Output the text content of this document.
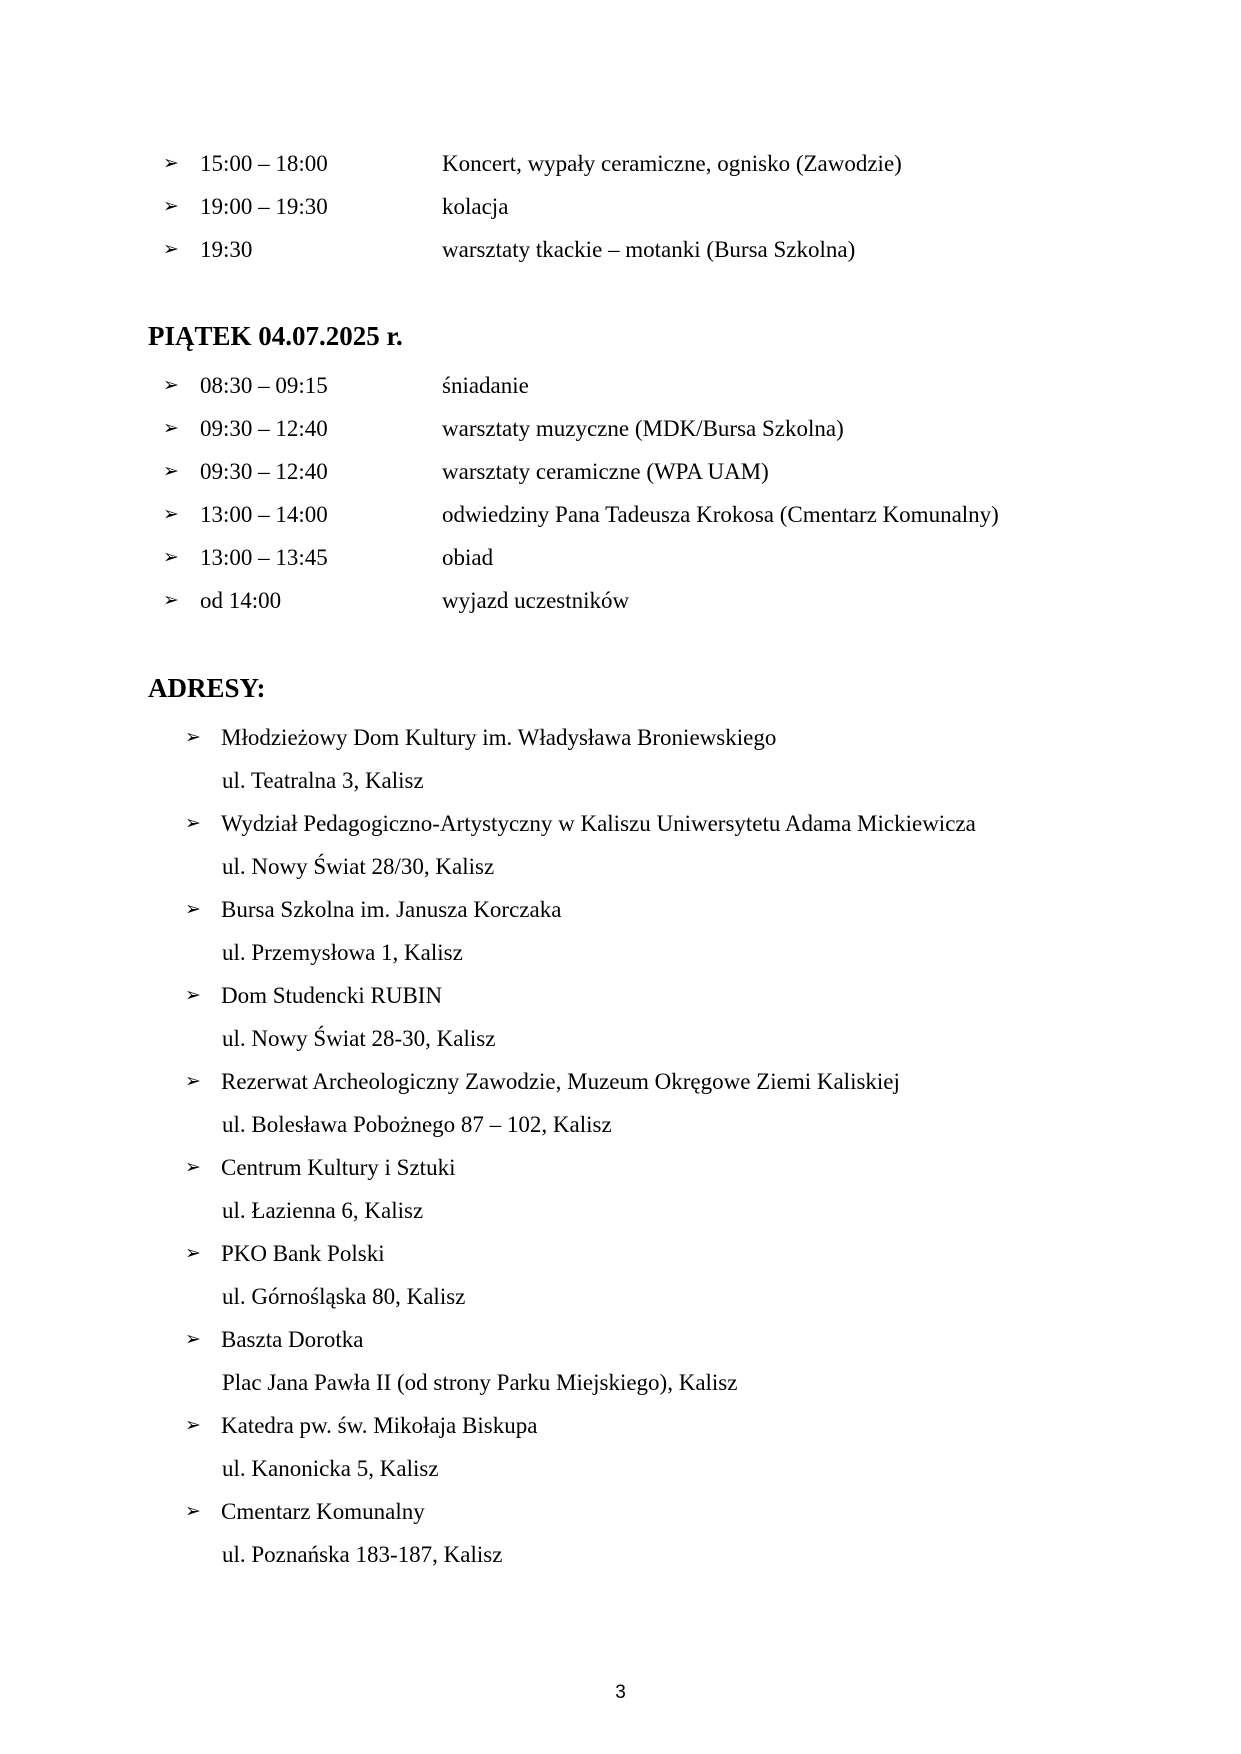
➢ 15:00 – 18:00	Koncert, wypały ceramiczne, ognisko (Zawodzie)
➢ 19:00 – 19:30	kolacja
➢ 19:30	warsztaty tkackie – motanki (Bursa Szkolna)
PIĄTEK 04.07.2025 r.
➢ 08:30 – 09:15	śniadanie
➢ 09:30 – 12:40	warsztaty muzyczne (MDK/Bursa Szkolna)
➢ 09:30 – 12:40	warsztaty ceramiczne (WPA UAM)
➢ 13:00 – 14:00	odwiedziny Pana Tadeusza Krokosa (Cmentarz Komunalny)
➢ 13:00 – 13:45	obiad
➢ od 14:00	wyjazd uczestników
ADRESY:
➢ Młodzieżowy Dom Kultury im. Władysława Broniewskiego
ul. Teatralna 3, Kalisz
➢ Wydział Pedagogiczno-Artystyczny w Kaliszu Uniwersytetu Adama Mickiewicza
ul. Nowy Świat 28/30, Kalisz
➢ Bursa Szkolna im. Janusza Korczaka
ul. Przemysłowa 1, Kalisz
➢ Dom Studencki RUBIN
ul. Nowy Świat 28-30, Kalisz
➢ Rezerwat Archeologiczny Zawodzie, Muzeum Okręgowe Ziemi Kaliskiej
ul. Bolesława Pobożnego 87 – 102, Kalisz
➢ Centrum Kultury i Sztuki
ul. Łazienna 6, Kalisz
➢ PKO Bank Polski
ul. Górnośląska 80, Kalisz
➢ Baszta Dorotka
Plac Jana Pawła II (od strony Parku Miejskiego), Kalisz
➢ Katedra pw. św. Mikołaja Biskupa
ul. Kanonicka 5, Kalisz
➢ Cmentarz Komunalny
ul. Poznańska 183-187, Kalisz
3
